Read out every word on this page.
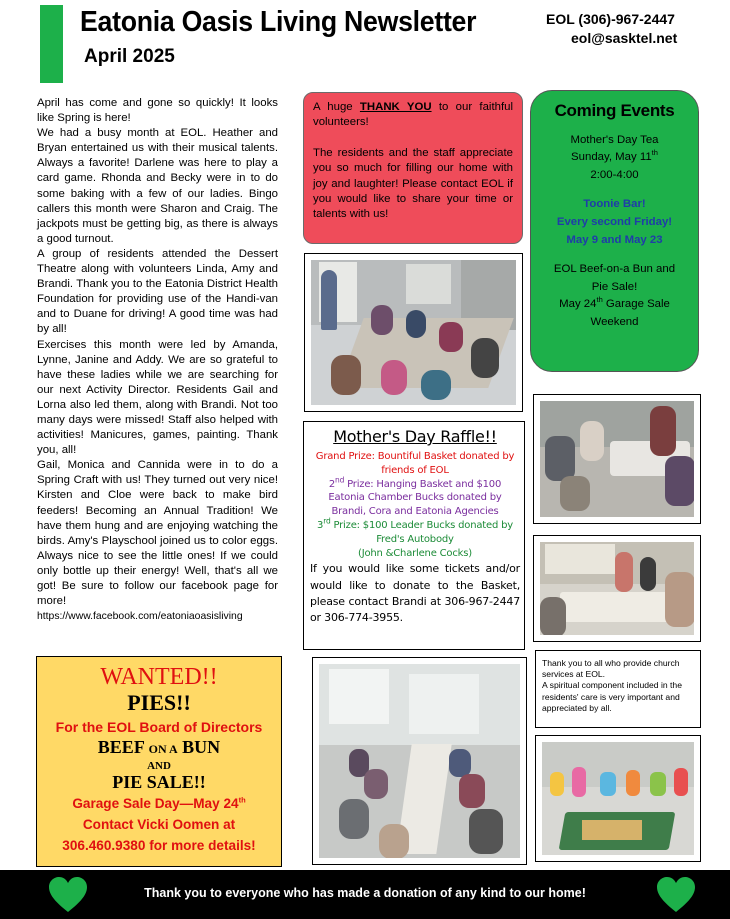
Eatonia Oasis Living Newsletter
April 2025
EOL (306)-967-2447
eol@sasktel.net

April has come and gone so quickly! It looks like Spring is here!

We had a busy month at EOL. Heather and Bryan entertained us with their musical talents. Always a favorite! Darlene was here to play a card game. Rhonda and Becky were in to do some baking with a few of our ladies. Bingo callers this month were Sharon and Craig. The jackpots must be getting big, as there is always a good turnout.

A group of residents attended the Dessert Theatre along with volunteers Linda, Amy and Brandi. Thank you to the Eatonia District Health Foundation for providing use of the Handi-van and to Duane for driving! A good time was had by all!

Exercises this month were led by Amanda, Lynne, Janine and Addy. We are so grateful to have these ladies while we are searching for our next Activity Director. Residents Gail and Lorna also led them, along with Brandi. Not too many days were missed! Staff also helped with activities! Manicures, games, painting. Thank you, all!

Gail, Monica and Cannida were in to do a Spring Craft with us! They turned out very nice! Kirsten and Cloe were back to make bird feeders! Becoming an Annual Tradition! We have them hung and are enjoying watching the birds. Amy's Playschool joined us to color eggs. Always nice to see the little ones! If we could only bottle up their energy! Well, that's all we got! Be sure to follow our facebook page for more!

https://www.facebook.com/eatoniaoasisliving

A huge THANK YOU to our faithful volunteers!

The residents and the staff appreciate you so much for filling our home with joy and laughter! Please contact EOL if you would like to share your time or talents with us!

Coming Events
Mother's Day Tea
Sunday, May 11th
2:00-4:00
Toonie Bar!
Every second Friday!
May 9 and May 23
EOL Beef-on-a Bun and
Pie Sale!
May 24th Garage Sale
Weekend
Mother's Day Raffle!!
Grand Prize: Bountiful Basket donated by friends of EOL
2nd Prize: Hanging Basket and $100 Eatonia Chamber Bucks donated by Brandi, Cora and Eatonia Agencies
3rd Prize: $100 Leader Bucks donated by Fred's Autobody
(John &Charlene Cocks)
If you would like some tickets and/or would like to donate to the Basket, please contact Brandi at 306-967-2447 or 306-774-3955.
WANTED!!
PIES!!
For the EOL Board of Directors
BEEF ON A BUN
AND
PIE SALE!!
Garage Sale Day—May 24th
Contact Vicki Oomen at
306.460.9380 for more details!

Thank you to all who provide church services at EOL.

A spiritual component included in the residents' care is very important and appreciated by all.

Thank you to everyone who has made a donation of any kind to our home!
